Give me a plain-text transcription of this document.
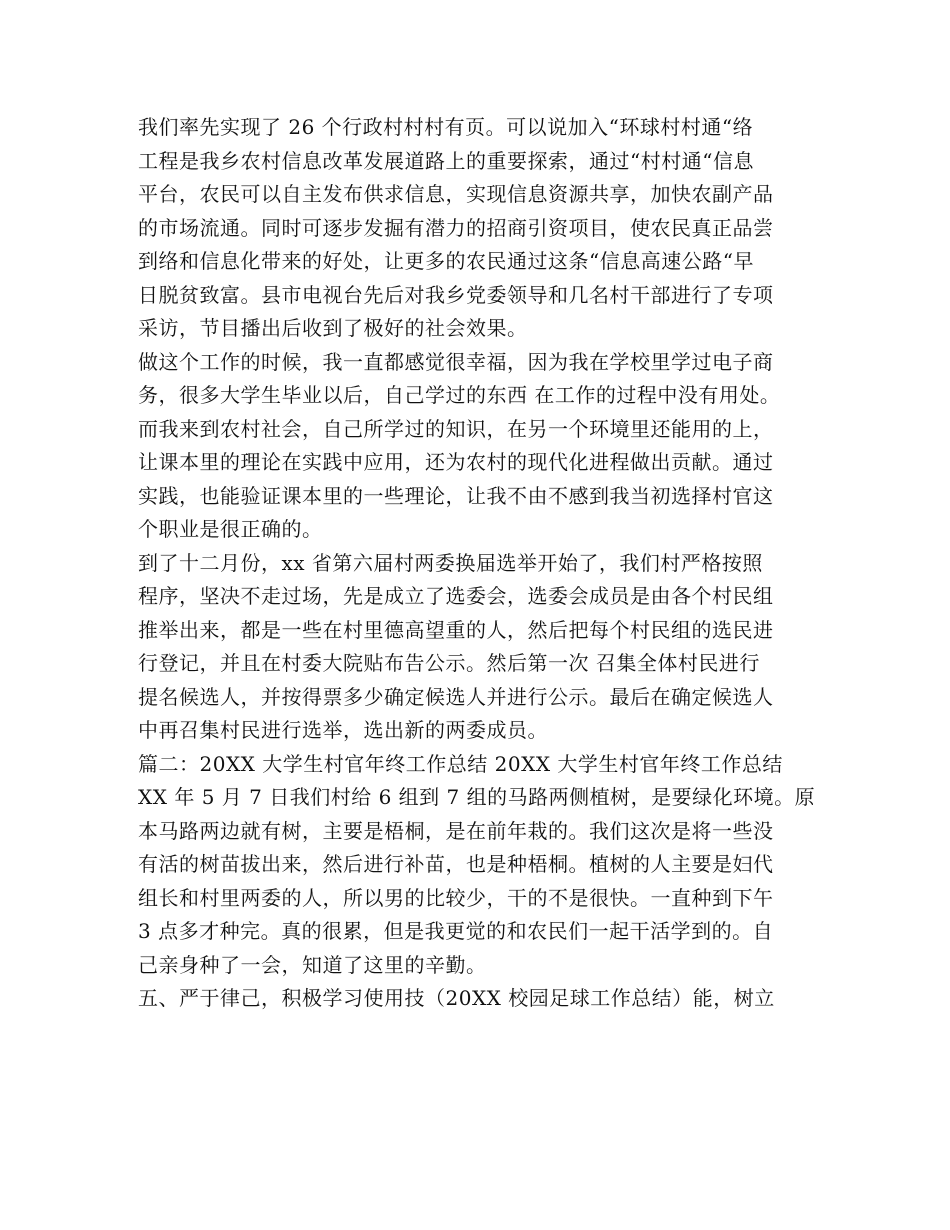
我们率先实现了 26 个行政村村村有页。可以说加入“环球村村通“络
工程是我乡农村信息改革发展道路上的重要探索，通过“村村通“信息
平台，农民可以自主发布供求信息，实现信息资源共享，加快农副产品
的市场流通。同时可逐步发掘有潜力的招商引资项目，使农民真正品尝
到络和信息化带来的好处，让更多的农民通过这条“信息高速公路“早
日脱贫致富。县市电视台先后对我乡党委领导和几名村干部进行了专项
采访，节目播出后收到了极好的社会效果。
做这个工作的时候，我一直都感觉很幸福，因为我在学校里学过电子商
务，很多大学生毕业以后，自己学过的东西 在工作的过程中没有用处。
而我来到农村社会，自己所学过的知识，在另一个环境里还能用的上，
让课本里的理论在实践中应用，还为农村的现代化进程做出贡献。通过
实践，也能验证课本里的一些理论，让我不由不感到我当初选择村官这
个职业是很正确的。
到了十二月份，xx 省第六届村两委换届选举开始了，我们村严格按照
程序，坚决不走过场，先是成立了选委会，选委会成员是由各个村民组
推举出来，都是一些在村里德高望重的人，然后把每个村民组的选民进
行登记，并且在村委大院贴布告公示。然后第一次 召集全体村民进行
提名候选人，并按得票多少确定候选人并进行公示。最后在确定候选人
中再召集村民进行选举，选出新的两委成员。
篇二：20XX 大学生村官年终工作总结 20XX 大学生村官年终工作总结
XX 年 5 月 7 日我们村给 6 组到 7 组的马路两侧植树，是要绿化环境。原
本马路两边就有树，主要是梧桐，是在前年栽的。我们这次是将一些没
有活的树苗拔出来，然后进行补苗，也是种梧桐。植树的人主要是妇代
组长和村里两委的人，所以男的比较少，干的不是很快。一直种到下午
3 点多才种完。真的很累，但是我更觉的和农民们一起干活学到的。自
己亲身种了一会，知道了这里的辛勤。
五、严于律己，积极学习使用技（20XX 校园足球工作总结）能，树立
